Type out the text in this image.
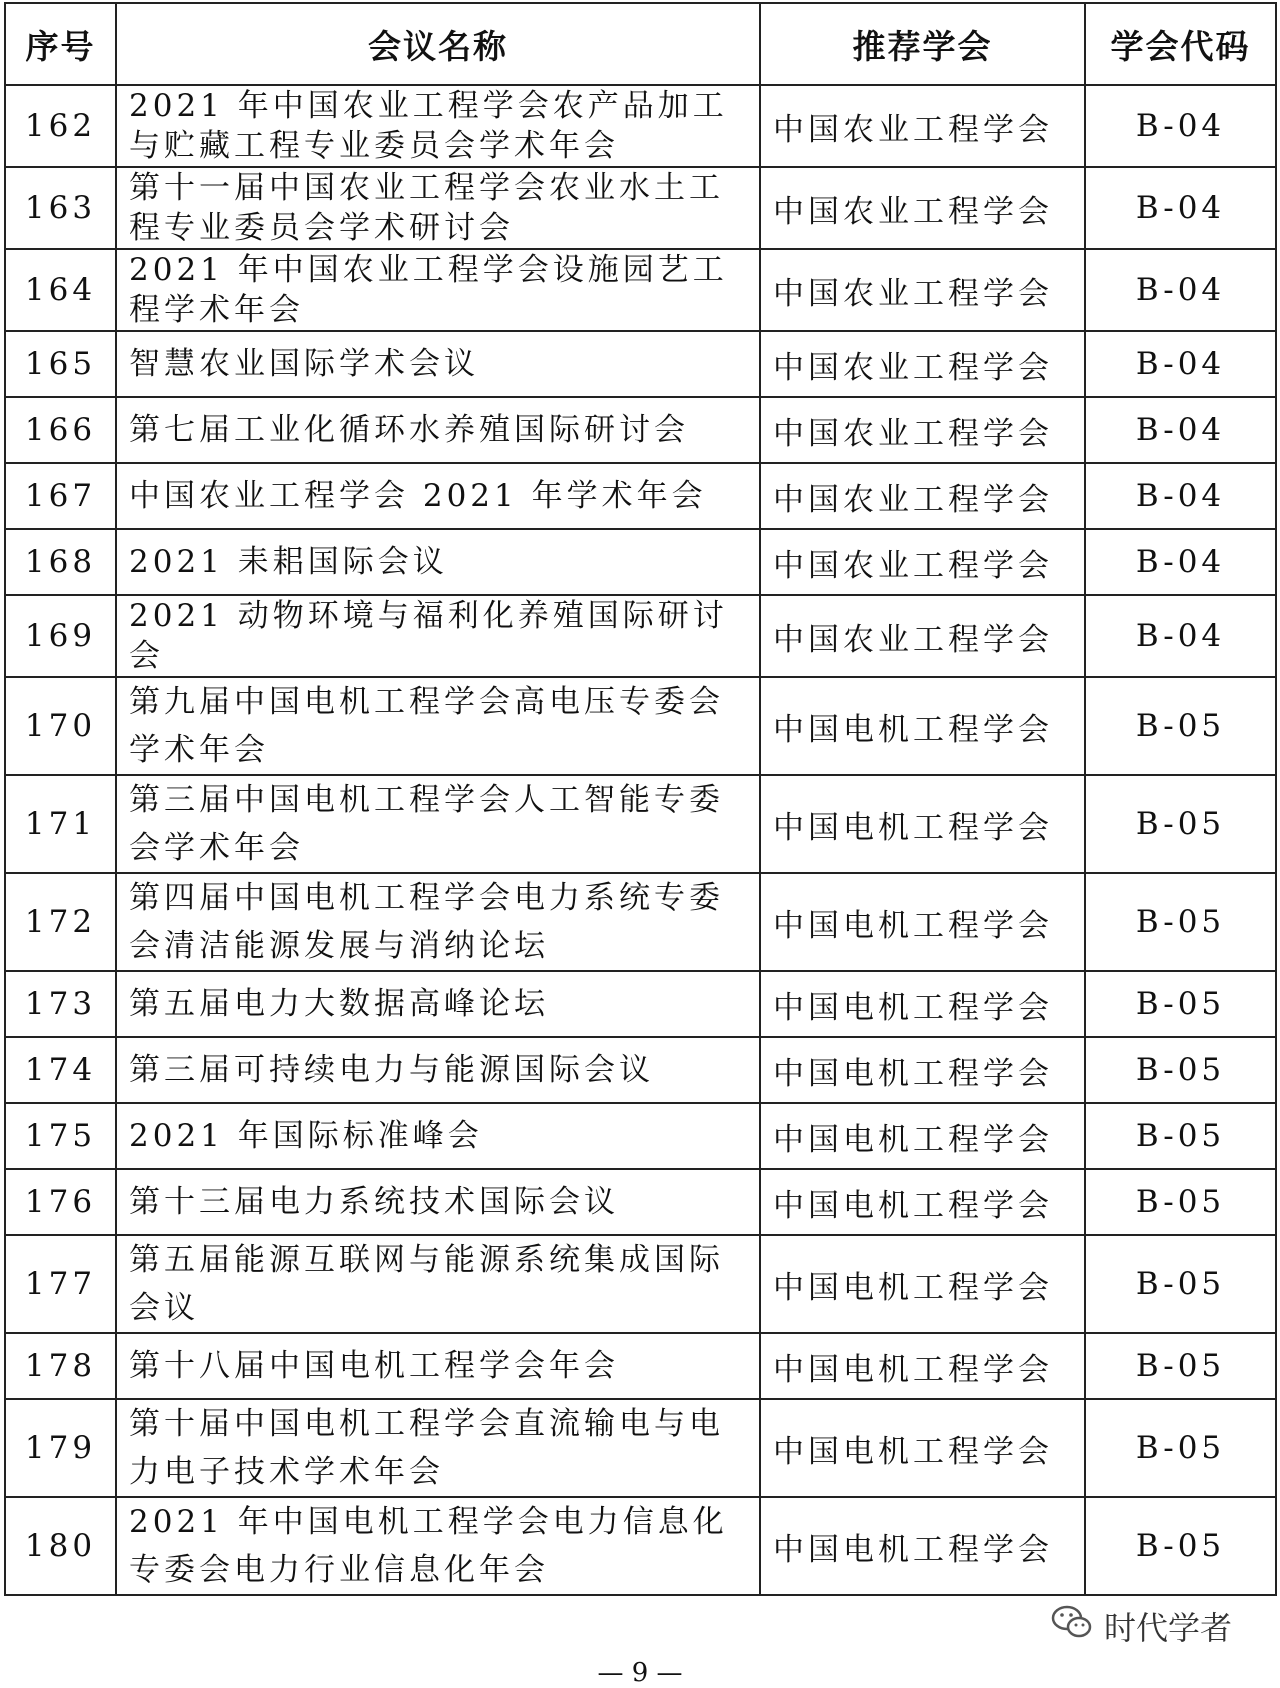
序号	会议名称	推荐学会	学会代码
162	2021 年中国农业工程学会农产品加工与贮藏工程专业委员会学术年会	中国农业工程学会	B-04
163	第十一届中国农业工程学会农业水土工程专业委员会学术研讨会	中国农业工程学会	B-04
164	2021 年中国农业工程学会设施园艺工程学术年会	中国农业工程学会	B-04
165	智慧农业国际学术会议	中国农业工程学会	B-04
166	第七届工业化循环水养殖国际研讨会	中国农业工程学会	B-04
167	中国农业工程学会 2021 年学术年会	中国农业工程学会	B-04
168	2021 耒耜国际会议	中国农业工程学会	B-04
169	2021 动物环境与福利化养殖国际研讨会	中国农业工程学会	B-04
170	第九届中国电机工程学会高电压专委会学术年会	中国电机工程学会	B-05
171	第三届中国电机工程学会人工智能专委会学术年会	中国电机工程学会	B-05
172	第四届中国电机工程学会电力系统专委会清洁能源发展与消纳论坛	中国电机工程学会	B-05
173	第五届电力大数据高峰论坛	中国电机工程学会	B-05
174	第三届可持续电力与能源国际会议	中国电机工程学会	B-05
175	2021 年国际标准峰会	中国电机工程学会	B-05
176	第十三届电力系统技术国际会议	中国电机工程学会	B-05
177	第五届能源互联网与能源系统集成国际会议	中国电机工程学会	B-05
178	第十八届中国电机工程学会年会	中国电机工程学会	B-05
179	第十届中国电机工程学会直流输电与电力电子技术学术年会	中国电机工程学会	B-05
180	2021 年中国电机工程学会电力信息化专委会电力行业信息化年会	中国电机工程学会	B-05
时代学者
— 9 —
